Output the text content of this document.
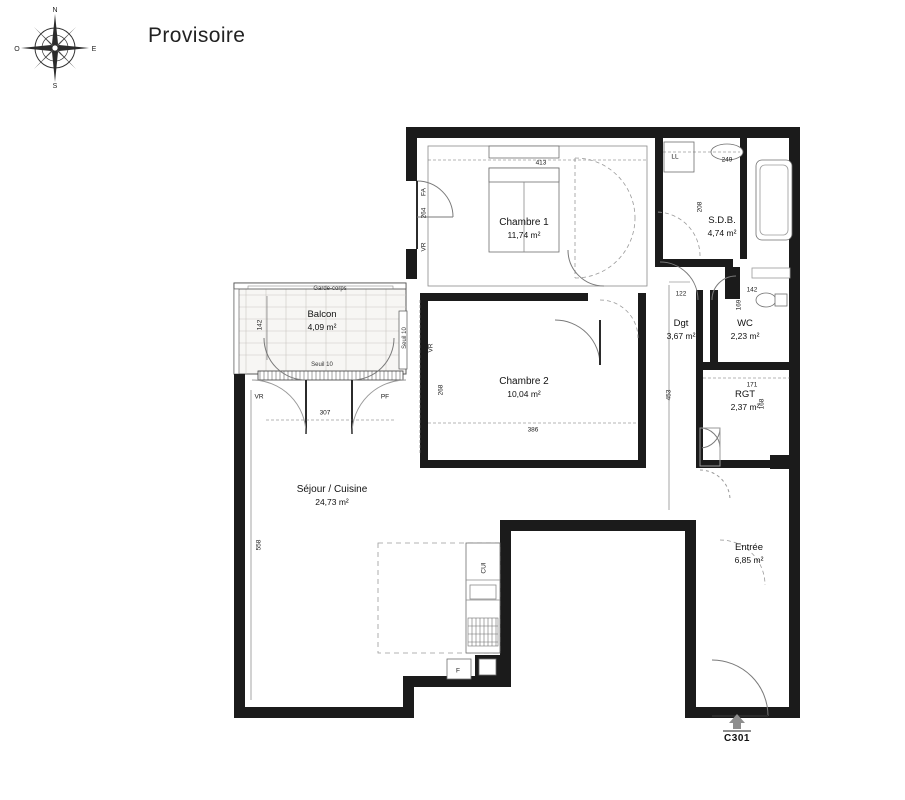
N
S
E
O
Provisoire
Chambre 1
11,74 m²
S.D.B.
4,74 m²
Balcon
4,09 m²	Dgt
3,67 m²
WC
2,23 m²
Chambre 2
10,04 m²	RGT
2,37 m²
Séjour / Cuisine
24,73 m²
Entrée
6,85 m²
413	249
LL
208
264
FA
VR
142
Garde-corps
Seuil 10
Seuil 10
122
142
169
268
VR
386
453
171
168
307
VR	PF
558
CUI
F
C301
